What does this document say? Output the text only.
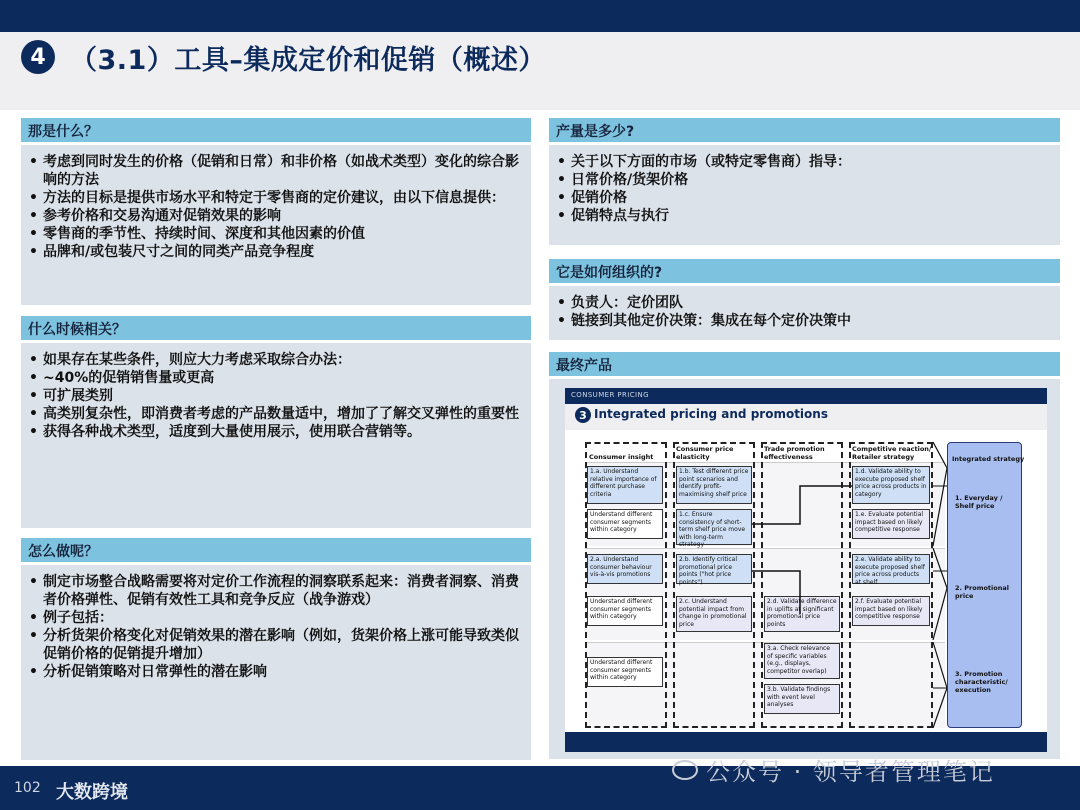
4 （3.1）工具–集成定价和促销（概述）
那是什么？
• 考虑到同时发生的价格（促销和日常）和非价格（如战术类型）变化的综合影响的方法
• 方法的目标是提供市场水平和特定于零售商的定价建议，由以下信息提供：
• 参考价格和交易沟通对促销效果的影响
• 零售商的季节性、持续时间、深度和其他因素的价值
• 品牌和/或包装尺寸之间的同类产品竞争程度
什么时候相关？
• 如果存在某些条件，则应大力考虑采取综合办法：
• ~40%的促销销售量或更高
• 可扩展类别
• 高类别复杂性，即消费者考虑的产品数量适中，增加了了解交叉弹性的重要性
• 获得各种战术类型，适度到大量使用展示，使用联合营销等。
怎么做呢？
• 制定市场整合战略需要将对定价工作流程的洞察联系起来：消费者洞察、消费者价格弹性、促销有效性工具和竞争反应（战争游戏）
• 例子包括：
• 分析货架价格变化对促销效果的潜在影响（例如，货架价格上涨可能导致类似促销价格的促销提升增加）
• 分析促销策略对日常弹性的潜在影响
产量是多少?
• 关于以下方面的市场（或特定零售商）指导：
• 日常价格/货架价格
• 促销价格
• 促销特点与执行
它是如何组织的?
• 负责人：定价团队
• 链接到其他定价决策：集成在每个定价决策中
最终产品
CONSUMER PRICING
3 Integrated pricing and promotions
Consumer insight
Consumer price elasticity
Trade promotion effectiveness
Competitive reaction/ Retailer strategy
1.a. Understand relative importance of different purchase criteria
1.b. Test different price point scenarios and identify profit-maximising shelf price
1.d. Validate ability to execute proposed shelf price across products in category
Understand different consumer segments within category
1.c. Ensure consistency of short-term shelf price move with long-term strategy
1.e. Evaluate potential impact based on likely competitive response
2.a. Understand consumer behaviour vis-à-vis promotions
2.b. Identify critical promotional price points ("hot price points")
2.e. Validate ability to execute proposed shelf price across products at shelf
Understand different consumer segments within category
2.c. Understand potential impact from change in promotional price
2.d. Validate difference in uplifts at significant promotional price points
2.f. Evaluate potential impact based on likely competitive response
Understand different consumer segments within category
3.a. Check relevance of specific variables (e.g., displays, competitor overlap)
3.b. Validate findings with event level analyses
Integrated strategy
1. Everyday / Shelf price
2. Promotional price
3. Promotion characteristic/ execution
102 大数跨境
公众号 · 领导者管理笔记
